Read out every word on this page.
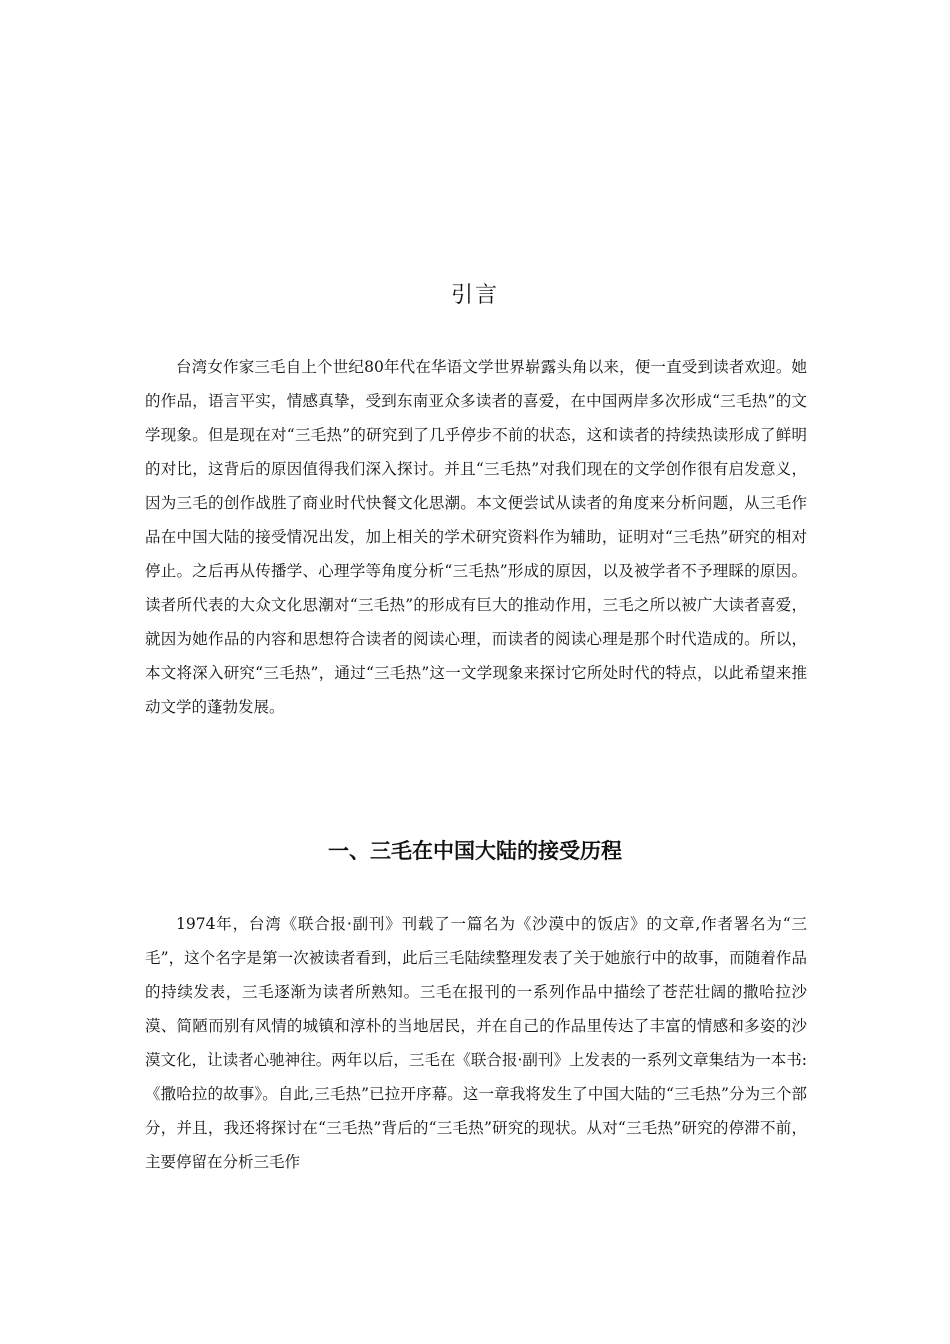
引言

台湾女作家三毛自上个世纪80年代在华语文学世界崭露头角以来，便一直受到读者欢迎。她的作品，语言平实，情感真挚，受到东南亚众多读者的喜爱，在中国两岸多次形成“三毛热”的文学现象。但是现在对“三毛热”的研究到了几乎停步不前的状态，这和读者的持续热读形成了鲜明的对比，这背后的原因值得我们深入探讨。并且“三毛热”对我们现在的文学创作很有启发意义，因为三毛的创作战胜了商业时代快餐文化思潮。本文便尝试从读者的角度来分析问题，从三毛作品在中国大陆的接受情况出发，加上相关的学术研究资料作为辅助，证明对“三毛热”研究的相对停止。之后再从传播学、心理学等角度分析“三毛热”形成的原因，以及被学者不予理睬的原因。读者所代表的大众文化思潮对“三毛热”的形成有巨大的推动作用，三毛之所以被广大读者喜爱，就因为她作品的内容和思想符合读者的阅读心理，而读者的阅读心理是那个时代造成的。所以，本文将深入研究“三毛热”，通过“三毛热”这一文学现象来探讨它所处时代的特点，以此希望来推动文学的蓬勃发展。

一、三毛在中国大陆的接受历程

1974年，台湾《联合报·副刊》刊载了一篇名为《沙漠中的饭店》的文章,作者署名为“三毛”，这个名字是第一次被读者看到，此后三毛陆续整理发表了关于她旅行中的故事，而随着作品的持续发表，三毛逐渐为读者所熟知。三毛在报刊的一系列作品中描绘了苍茫壮阔的撒哈拉沙漠、简陋而别有风情的城镇和淳朴的当地居民，并在自己的作品里传达了丰富的情感和多姿的沙漠文化，让读者心驰神往。两年以后，三毛在《联合报·副刊》上发表的一系列文章集结为一本书:《撒哈拉的故事》。自此,三毛热”已拉开序幕。这一章我将发生了中国大陆的“三毛热”分为三个部分，并且，我还将探讨在“三毛热”背后的“三毛热”研究的现状。从对“三毛热”研究的停滞不前，主要停留在分析三毛作
